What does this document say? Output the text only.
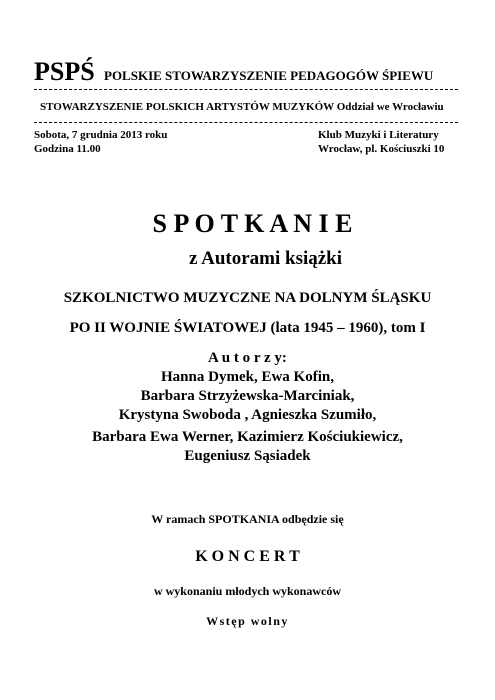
PSPŚ POLSKIE STOWARZYSZENIE PEDAGOGÓW ŚPIEWU
STOWARZYSZENIE POLSKICH ARTYSTÓW MUZYKÓW Oddział we Wrocławiu
Sobota, 7 grudnia 2013 roku
Godzina 11.00
Klub Muzyki i Literatury
Wrocław, pl. Kościuszki 10
S P O T K A N I E
z Autorami książki
SZKOLNICTWO MUZYCZNE NA DOLNYM ŚLĄSKU
PO II WOJNIE ŚWIATOWEJ (lata 1945 – 1960), tom I
A u t o r z y:
Hanna Dymek, Ewa Kofin,
Barbara Strzyżewska-Marciniak,
Krystyna Swoboda , Agnieszka Szumiło,
Barbara Ewa Werner, Kazimierz Kościukiewicz,
Eugeniusz Sąsiadek
W ramach SPOTKANIA odbędzie się
K O N C E R T
w wykonaniu młodych wykonawców
Wstęp wolny
